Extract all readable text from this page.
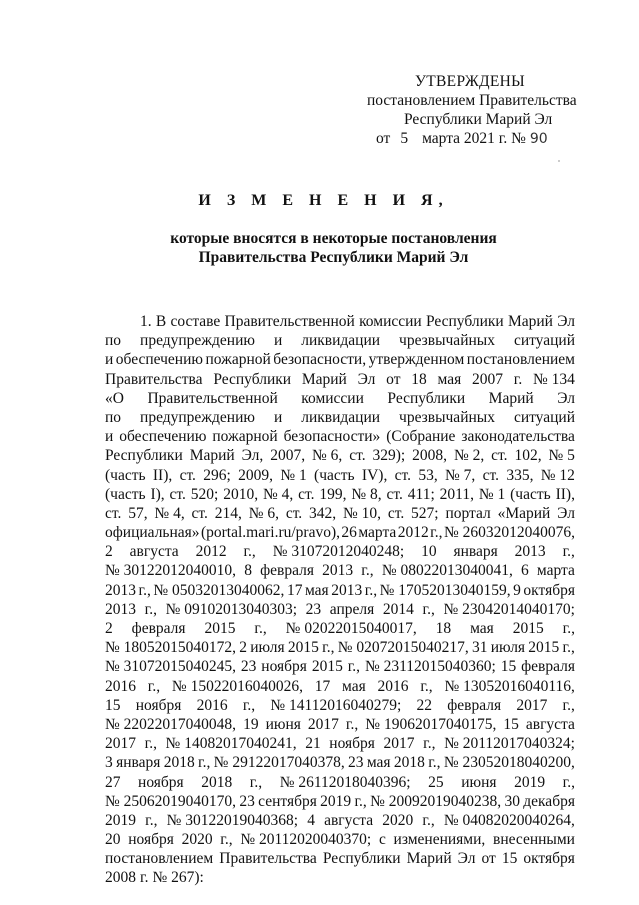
УТВЕРЖДЕНЫ
постановлением Правительства
Республики Марий Эл
от 5 марта 2021 г. № 90
И З М Е Н Е Н И Я,
которые вносятся в некоторые постановления
Правительства Республики Марий Эл
1. В составе Правительственной комиссии Республики Марий Эл
по предупреждению и ликвидации чрезвычайных ситуаций
и обеспечению пожарной безопасности, утвержденном постановлением
Правительства Республики Марий Эл от 18 мая 2007 г. № 134
«О Правительственной комиссии Республики Марий Эл
по предупреждению и ликвидации чрезвычайных ситуаций
и обеспечению пожарной безопасности» (Собрание законодательства
Республики Марий Эл, 2007, № 6, ст. 329); 2008, № 2, ст. 102, № 5
(часть II), ст. 296; 2009, № 1 (часть IV), ст. 53, № 7, ст. 335, № 12
(часть I), ст. 520; 2010, № 4, ст. 199, № 8, ст. 411; 2011, № 1 (часть II),
ст. 57, № 4, ст. 214, № 6, ст. 342, № 10, ст. 527; портал «Марий Эл
официальная» (portal.mari.ru/pravo), 26 марта 2012 г., № 26032012040076,
2 августа 2012 г., № 31072012040248; 10 января 2013 г.,
№ 30122012040010, 8 февраля 2013 г., № 08022013040041, 6 марта
2013 г., № 05032013040062, 17 мая 2013 г., № 17052013040159, 9 октября
2013 г., № 09102013040303; 23 апреля 2014 г., № 23042014040170;
2 февраля 2015 г., № 02022015040017, 18 мая 2015 г.,
№ 18052015040172, 2 июля 2015 г., № 02072015040217, 31 июля 2015 г.,
№ 31072015040245, 23 ноября 2015 г., № 23112015040360; 15 февраля
2016 г., № 15022016040026, 17 мая 2016 г., № 13052016040116,
15 ноября 2016 г., № 14112016040279; 22 февраля 2017 г.,
№ 22022017040048, 19 июня 2017 г., № 19062017040175, 15 августа
2017 г., № 14082017040241, 21 ноября 2017 г., № 20112017040324;
3 января 2018 г., № 29122017040378, 23 мая 2018 г., № 23052018040200,
27 ноября 2018 г., № 26112018040396; 25 июня 2019 г.,
№ 25062019040170, 23 сентября 2019 г., № 20092019040238, 30 декабря
2019 г., № 30122019040368; 4 августа 2020 г., № 04082020040264,
20 ноября 2020 г., № 20112020040370; с изменениями, внесенными
постановлением Правительства Республики Марий Эл от 15 октября
2008 г. № 267):
